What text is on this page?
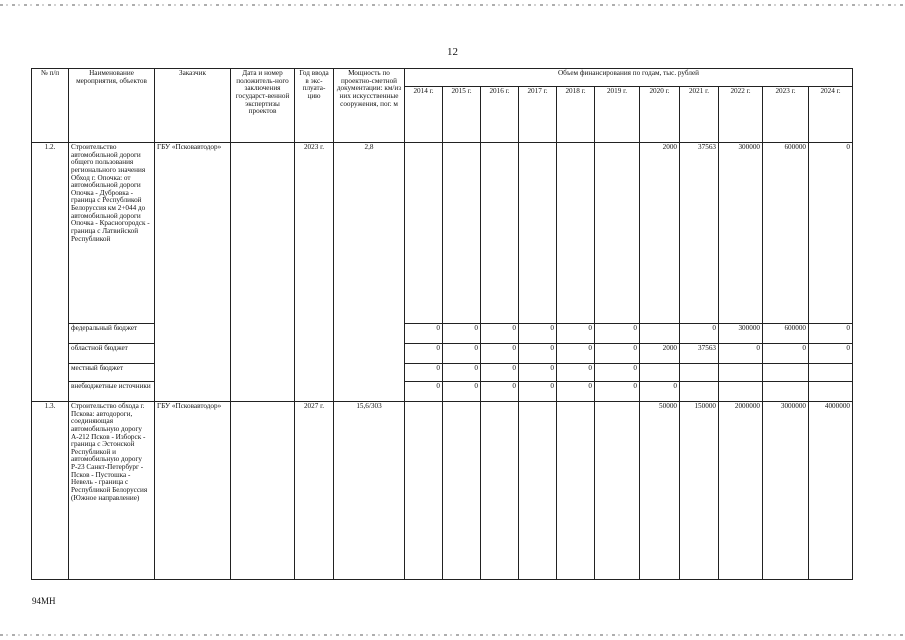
12
№ п/п	Наименование мероприятия, объектов	Заказчик	Дата и номер положитель-ного заключения государст-венной экспертизы проектов	Год ввода в экс-плуата-цию	Мощность по проектно-сметной документации: км/из них искусственные сооружения, пог. м	Объем финансирования по годам, тыс. рублей										
						2014 г.	2015 г.	2016 г.	2017 г.	2018 г.	2019 г.	2020 г.	2021 г.	2022 г.	2023 г.	2024 г.
1.2.	Строительство автомобильной дороги общего пользования регионального значения Обход г. Опочка: от автомобильной дороги Опочка - Дубровка - граница с Республикой Белоруссия км 2+044 до автомобильной дороги Опочка - Красногородск - граница с Латвийской Республикой	ГБУ «Псковавтодор»		2023 г.	2,8							2000	37563	300000	600000	0
	федеральный бюджет					0	0	0	0	0	0		0	300000	600000	0
	областной бюджет					0	0	0	0	0	0	2000	37563	0	0	0
	местный бюджет					0	0	0	0	0	0					
	внебюджетные источники					0	0	0	0	0	0	0				
1.3.	Строительство обхода г. Пскова: автодороги, соединяющая автомобильную дорогу А-212 Псков - Изборск - граница с Эстонской Республикой и автомобильную дорогу Р-23 Санкт-Петербург - Псков - Пустошка - Невель - граница с Республикой Белоруссия (Южное направление)	ГБУ «Псковавтодор»		2027 г.	15,6/303							50000	150000	2000000	3000000	4000000
94МН
